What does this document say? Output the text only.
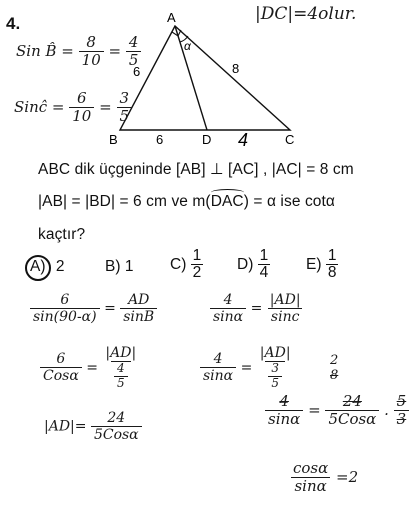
4.	A
B	C
D
6	8
6
α
4
|DC|=4olur.
Sin B̂ = $\frac{8}{10} = \frac{4}{5}$
Sinĉ = $\frac{6}{10} = \frac{3}{5}$
ABC dik üçgeninde [AB] ⊥ [AC] , |AC| = 8 cm
|AB| = |BD| = 6 cm ve m(
DAC) = α ise cotα
kaçtır?
A) 2	B) 1 $C) \frac{1}{2} D) \frac{1}{4} E) \frac{1}{8}$
$\frac{6}{\sin(90-\alpha)} = \frac{AD}{\sin B}$	$\frac{4}{\sin\alpha} = \frac{|AD|}{\sin c}$
$\frac{6}{\text{Cosα}} = \frac{|AD|}{\frac{4}{5}}$	$\frac{4}{\sin\alpha} = \frac{|AD|}{\frac{3}{5}}$
$|AD|= \frac{24}{\text{5Cosα}}$
2
8
$\frac{4}{\sin\alpha} = \frac{24}{\text{5Cosα}}$ . $\frac{5}{3}$
$\frac{\cos\alpha}{\sin\alpha} =2$
